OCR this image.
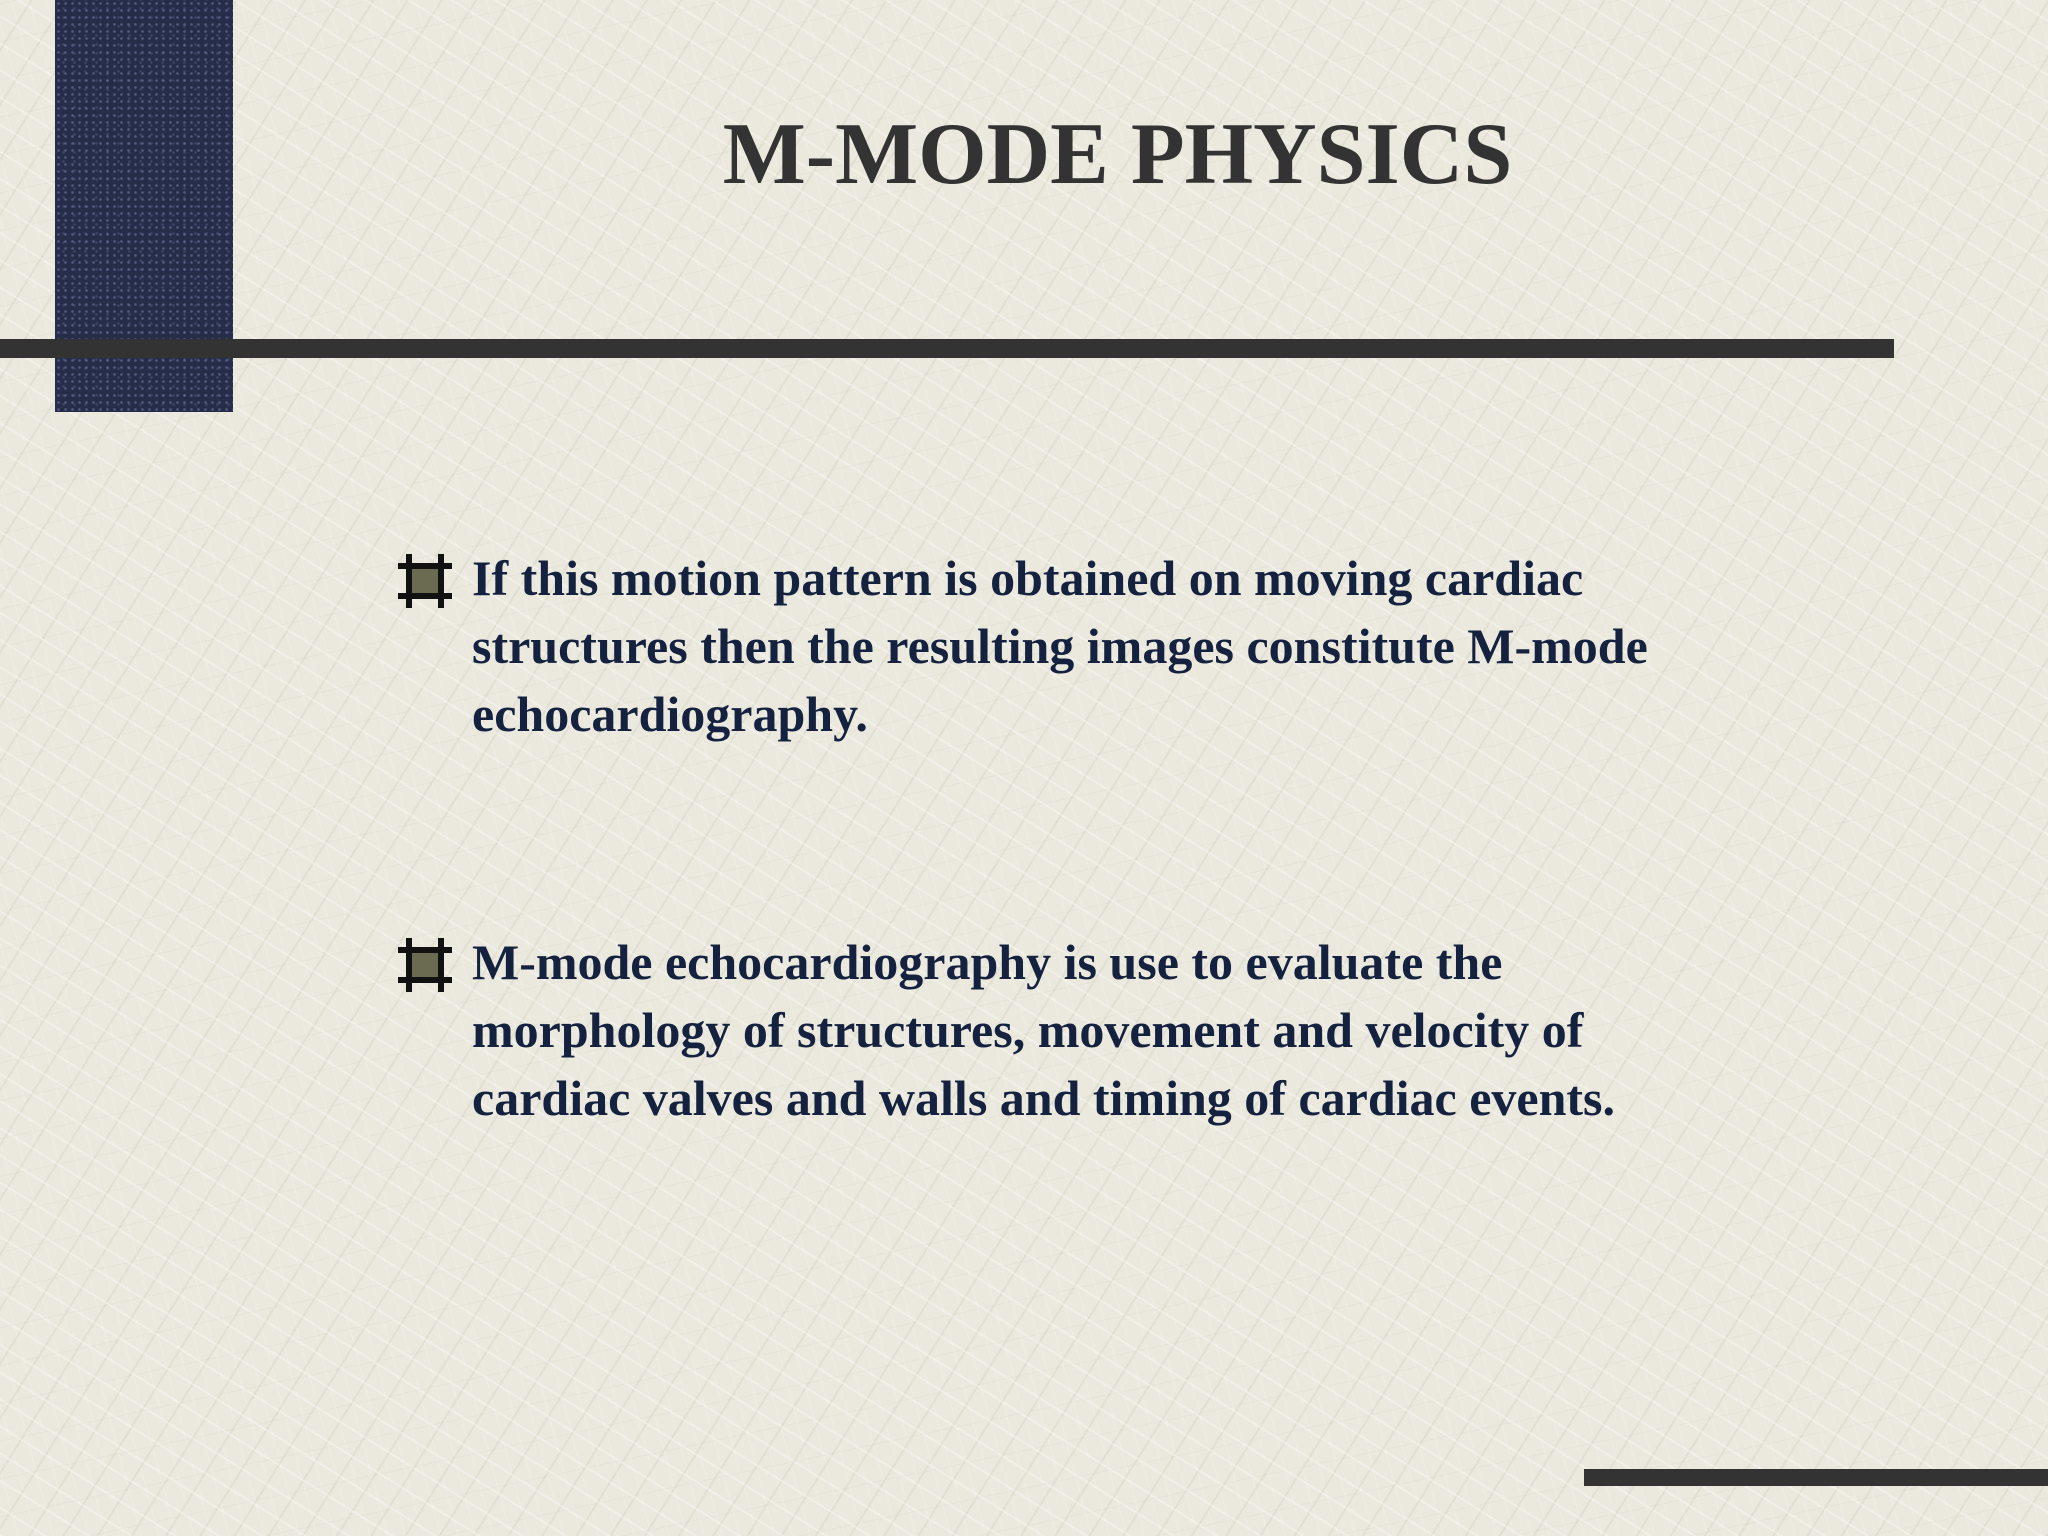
M-MODE PHYSICS
If this motion pattern is obtained on moving cardiac structures then the resulting images constitute M-mode echocardiography.
M-mode echocardiography is use to evaluate the morphology of structures, movement and velocity of cardiac valves and walls and timing of cardiac events.
